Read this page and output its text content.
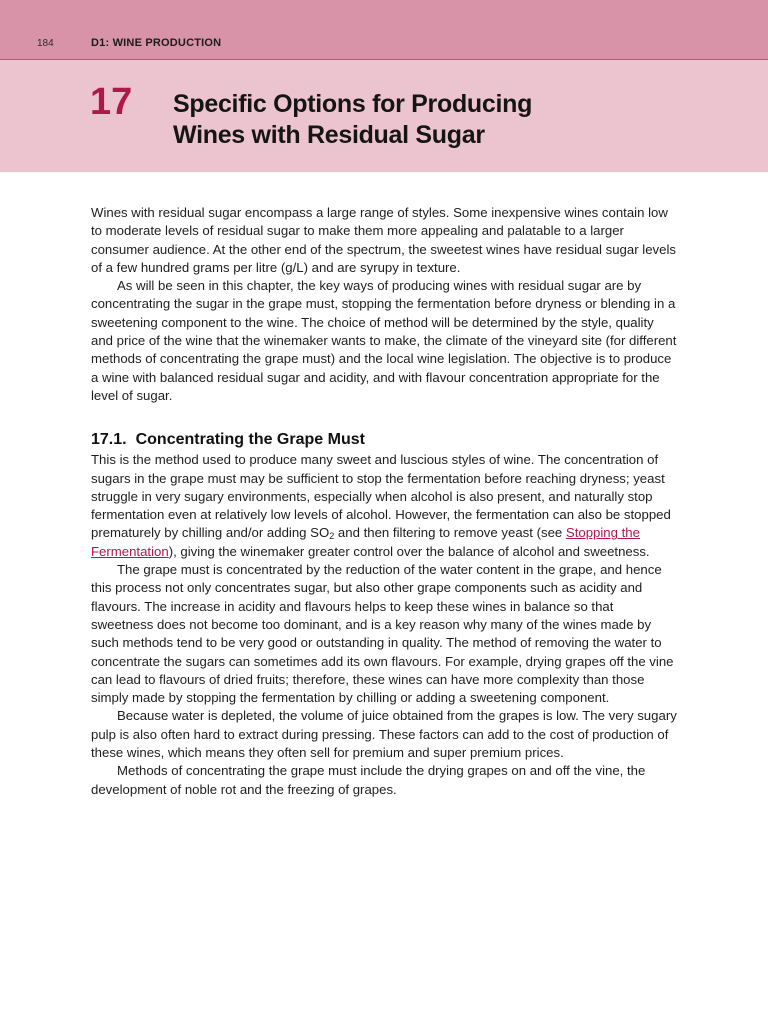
184	D1: WINE PRODUCTION
17 Specific Options for Producing
Wines with Residual Sugar

Wines with residual sugar encompass a large range of styles. Some inexpensive wines contain low to moderate levels of residual sugar to make them more appealing and palatable to a larger consumer audience. At the other end of the spectrum, the sweetest wines have residual sugar levels of a few hundred grams per litre (g/L) and are syrupy in texture.

As will be seen in this chapter, the key ways of producing wines with residual sugar are by concentrating the sugar in the grape must, stopping the fermentation before dryness or blending in a sweetening component to the wine. The choice of method will be determined by the style, quality and price of the wine that the winemaker wants to make, the climate of the vineyard site (for different methods of concentrating the grape must) and the local wine legislation. The objective is to produce a wine with balanced residual sugar and acidity, and with flavour concentration appropriate for the level of sugar.

17.1. Concentrating the Grape Must

This is the method used to produce many sweet and luscious styles of wine. The concentration of sugars in the grape must may be sufficient to stop the fermentation before reaching dryness; yeast struggle in very sugary environments, especially when alcohol is also present, and naturally stop fermentation even at relatively low levels of alcohol. However, the fermentation can also be stopped prematurely by chilling and/or adding $SO_2$ and then filtering to remove yeast (see Stopping the Fermentation), giving the winemaker greater control over the balance of alcohol and sweetness.

The grape must is concentrated by the reduction of the water content in the grape, and hence this process not only concentrates sugar, but also other grape components such as acidity and flavours. The increase in acidity and flavours helps to keep these wines in balance so that sweetness does not become too dominant, and is a key reason why many of the wines made by such methods tend to be very good or outstanding in quality. The method of removing the water to concentrate the sugars can sometimes add its own flavours. For example, drying grapes off the vine can lead to flavours of dried fruits; therefore, these wines can have more complexity than those simply made by stopping the fermentation by chilling or adding a sweetening component.

Because water is depleted, the volume of juice obtained from the grapes is low. The very sugary pulp is also often hard to extract during pressing. These factors can add to the cost of production of these wines, which means they often sell for premium and super premium prices.

Methods of concentrating the grape must include the drying grapes on and off the vine, the development of noble rot and the freezing of grapes.
